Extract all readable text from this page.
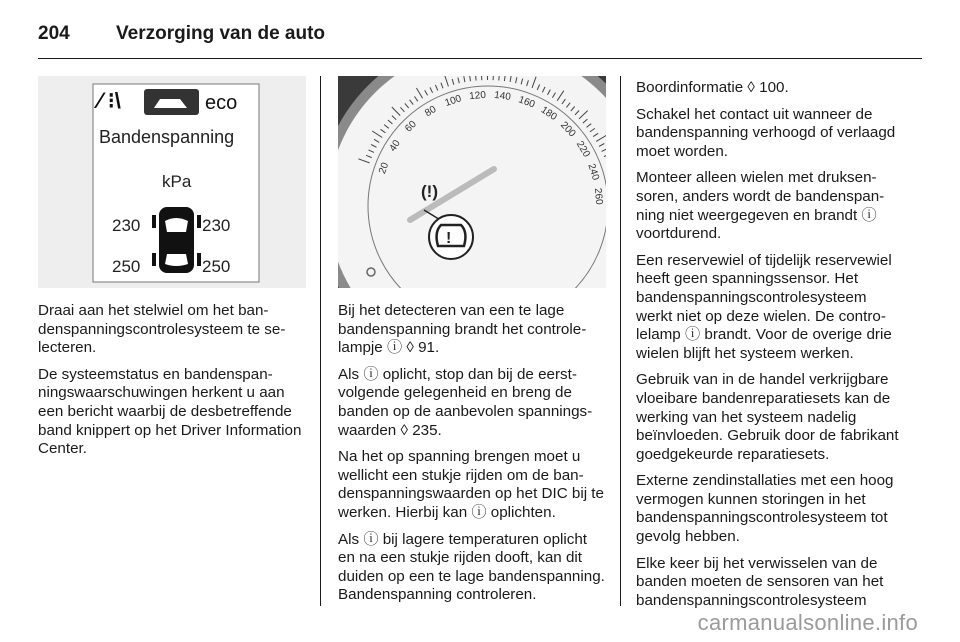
204	Verzorging van de auto
⁄ ⁝\	eco
Bandenspanning
kPa
230	230
250	250
20
40
60
80
100 120 140 160
180
200
220
240
260
(!)
!

Draai aan het stelwiel om het bandenspanningscontrolesysteem te selecteren.

De systeemstatus en bandenspanningswaarschuwingen herkent u aan een bericht waarbij de desbetreffende band knippert op het Driver Information Center.

Bij het detecteren van een te lage bandenspanning brandt het controlelampje ⓘ ◊ 91.

Als ⓘ oplicht, stop dan bij de eerstvolgende gelegenheid en breng de banden op de aanbevolen spanningswaarden ◊ 235.

Na het op spanning brengen moet u wellicht een stukje rijden om de bandenspanningswaarden op het DIC bij te werken. Hierbij kan ⓘ oplichten.

Als ⓘ bij lagere temperaturen oplicht en na een stukje rijden dooft, kan dit duiden op een te lage bandenspanning. Bandenspanning controleren.

Boordinformatie ◊ 100.

Schakel het contact uit wanneer de bandenspanning verhoogd of verlaagd moet worden.

Monteer alleen wielen met druksensoren, anders wordt de bandenspanning niet weergegeven en brandt ⓘ voortdurend.

Een reservewiel of tijdelijk reservewiel heeft geen spanningssensor. Het bandenspanningscontrolesysteem werkt niet op deze wielen. De controlelamp ⓘ brandt. Voor de overige drie wielen blijft het systeem werken.

Gebruik van in de handel verkrijgbare vloeibare bandenreparatiesets kan de werking van het systeem nadelig beïnvloeden. Gebruik door de fabrikant goedgekeurde reparatiesets.

Externe zendinstallaties met een hoog vermogen kunnen storingen in het bandenspanningscontrolesysteem tot gevolg hebben.

Elke keer bij het verwisselen van de banden moeten de sensoren van het bandenspanningscontrolesysteem

carmanualsonline.info
